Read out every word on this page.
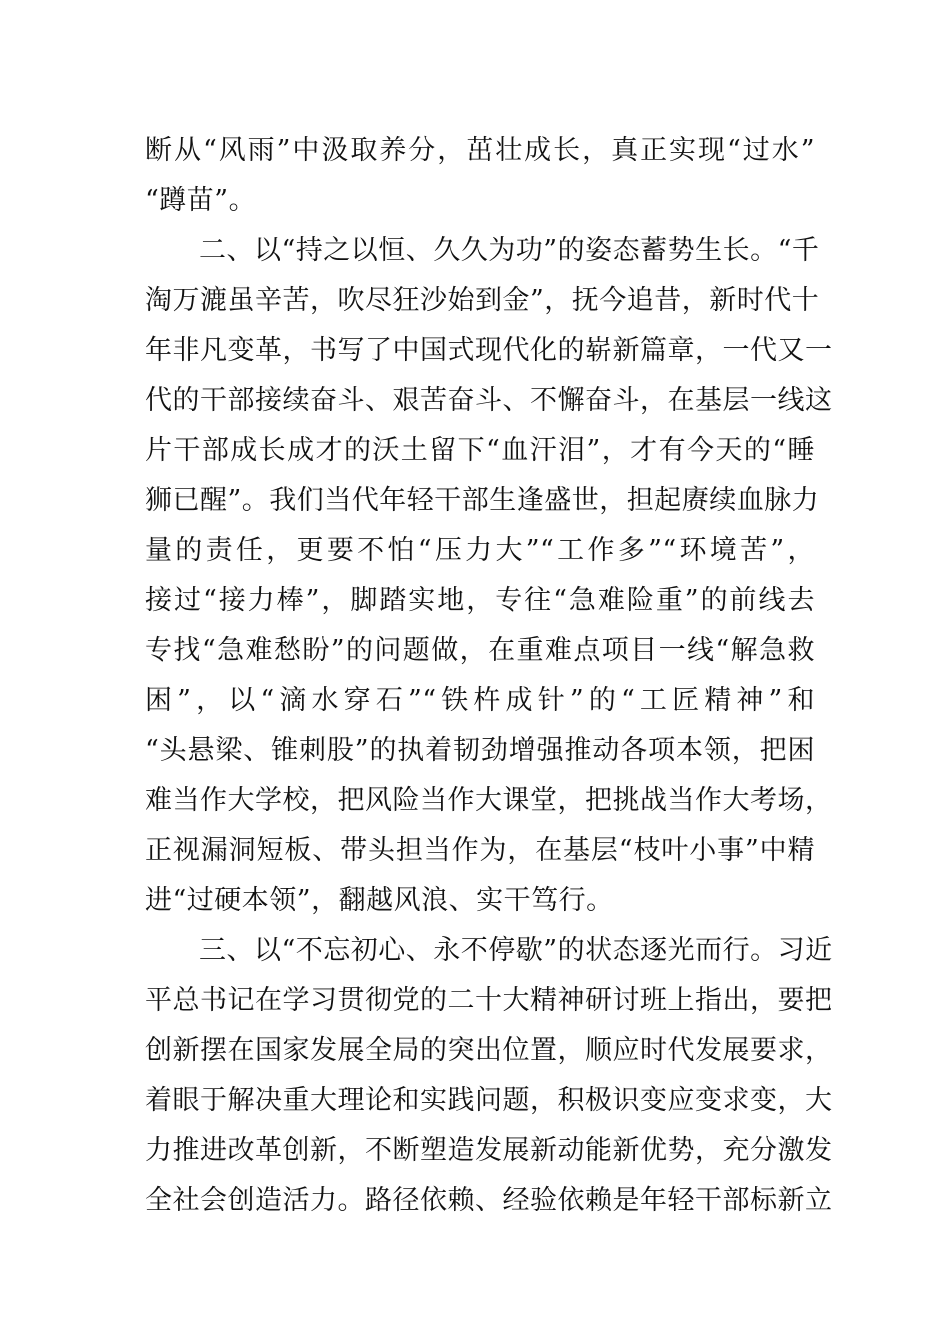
断从“风雨”中汲取养分，茁壮成长，真正实现“过水”
“蹲苗”。
二、以“持之以恒、久久为功”的姿态蓄势生长。“千
淘万漉虽辛苦，吹尽狂沙始到金”，抚今追昔，新时代十
年非凡变革，书写了中国式现代化的崭新篇章，一代又一
代的干部接续奋斗、艰苦奋斗、不懈奋斗，在基层一线这
片干部成长成才的沃土留下“血汗泪”，才有今天的“睡
狮已醒”。我们当代年轻干部生逢盛世，担起赓续血脉力
量的责任，更要不怕“压力大”“工作多”“环境苦”，
接过“接力棒”，脚踏实地，专往“急难险重”的前线去
专找“急难愁盼”的问题做，在重难点项目一线“解急救
困”，以“滴水穿石”“铁杵成针”的“工匠精神”和
“头悬梁、锥刺股”的执着韧劲增强推动各项本领，把困
难当作大学校，把风险当作大课堂，把挑战当作大考场，
正视漏洞短板、带头担当作为，在基层“枝叶小事”中精
进“过硬本领”，翻越风浪、实干笃行。
三、以“不忘初心、永不停歇”的状态逐光而行。习近
平总书记在学习贯彻党的二十大精神研讨班上指出，要把
创新摆在国家发展全局的突出位置，顺应时代发展要求，
着眼于解决重大理论和实践问题，积极识变应变求变，大
力推进改革创新，不断塑造发展新动能新优势，充分激发
全社会创造活力。路径依赖、经验依赖是年轻干部标新立
